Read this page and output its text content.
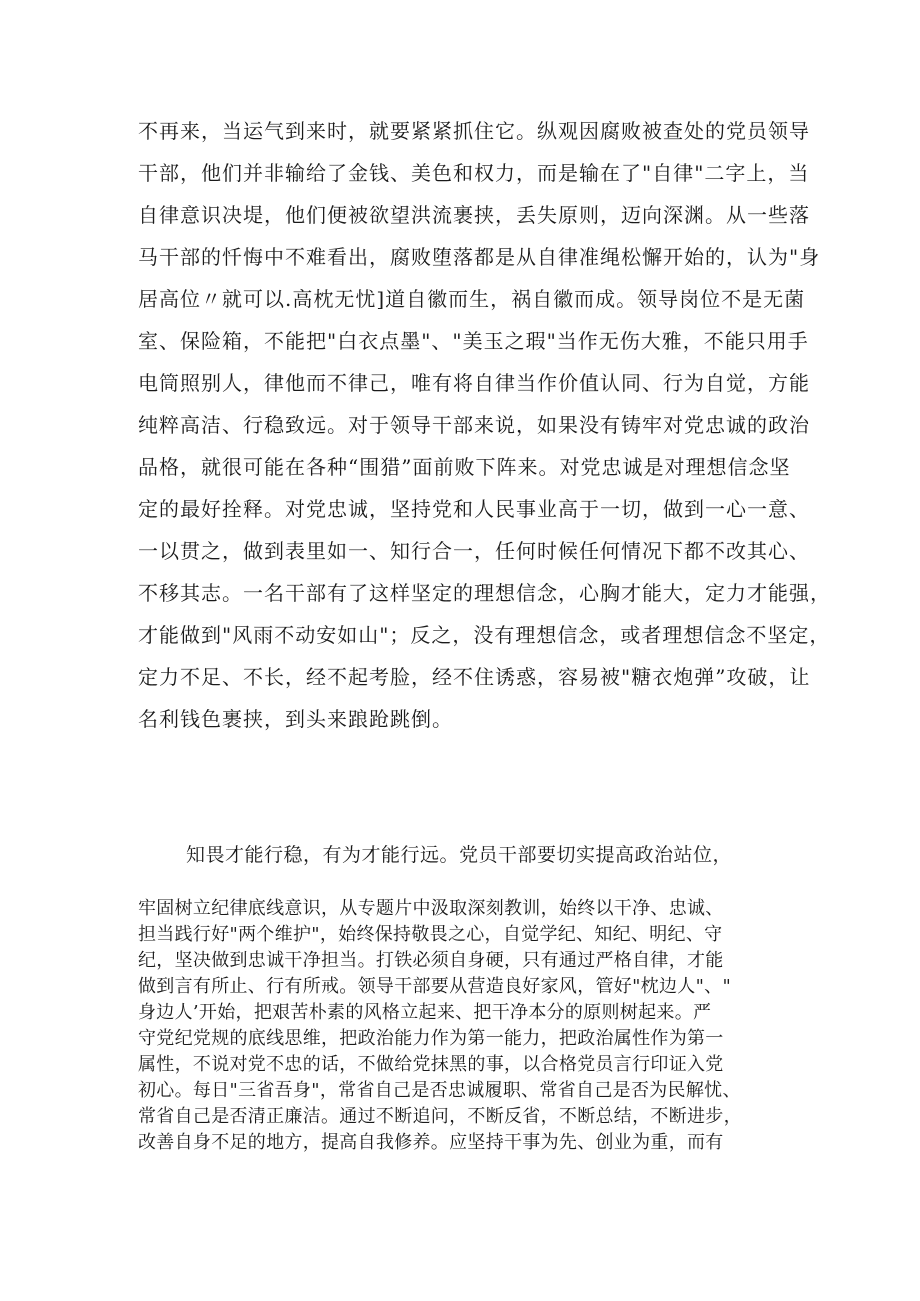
不再来，当运气到来时，就要紧紧抓住它。纵观因腐败被查处的党员领导
干部，他们并非输给了金钱、美色和权力，而是输在了"自律"二字上，当
自律意识决堤，他们便被欲望洪流裹挟，丢失原则，迈向深渊。从一些落
马干部的忏悔中不难看出，腐败堕落都是从自律准绳松懈开始的，认为"身
居高位〃就可以.高枕无忧]道自徽而生，祸自徽而成。领导岗位不是无菌
室、保险箱，不能把"白衣点墨"、"美玉之瑕"当作无伤大雅，不能只用手
电筒照别人，律他而不律己，唯有将自律当作价值认同、行为自觉，方能
纯粹高洁、行稳致远。对于领导干部来说，如果没有铸牢对党忠诚的政治
品格，就很可能在各种“围猎”面前败下阵来。对党忠诚是对理想信念坚
定的最好拴释。对党忠诚，坚持党和人民事业高于一切，做到一心一意、
一以贯之，做到表里如一、知行合一，任何时候任何情况下都不改其心、
不移其志。一名干部有了这样坚定的理想信念，心胸才能大，定力才能强，
才能做到"风雨不动安如山"；反之，没有理想信念，或者理想信念不坚定，
定力不足、不长，经不起考脸，经不住诱惑，容易被"糖衣炮弹”攻破，让
名利钱色裹挟，到头来踉跄跳倒。

知畏才能行稳，有为才能行远。党员干部要切实提高政治站位，

牢固树立纪律底线意识，从专题片中汲取深刻教训，始终以干净、忠诚、
担当践行好"两个维护"，始终保持敬畏之心，自觉学纪、知纪、明纪、守
纪，坚决做到忠诚干净担当。打铁必须自身硬，只有通过严格自律，才能
做到言有所止、行有所戒。领导干部要从营造良好家风，管好"枕边人"、"
身边人’开始，把艰苦朴素的风格立起来、把干净本分的原则树起来。严
守党纪党规的底线思维，把政治能力作为第一能力，把政治属性作为第一
属性，不说对党不忠的话，不做给党抹黑的事，以合格党员言行印证入党
初心。每日"三省吾身"，常省自己是否忠诚履职、常省自己是否为民解忧、
常省自己是否清正廉洁。通过不断追问，不断反省，不断总结，不断进步，
改善自身不足的地方，提高自我修养。应坚持干事为先、创业为重，而有
